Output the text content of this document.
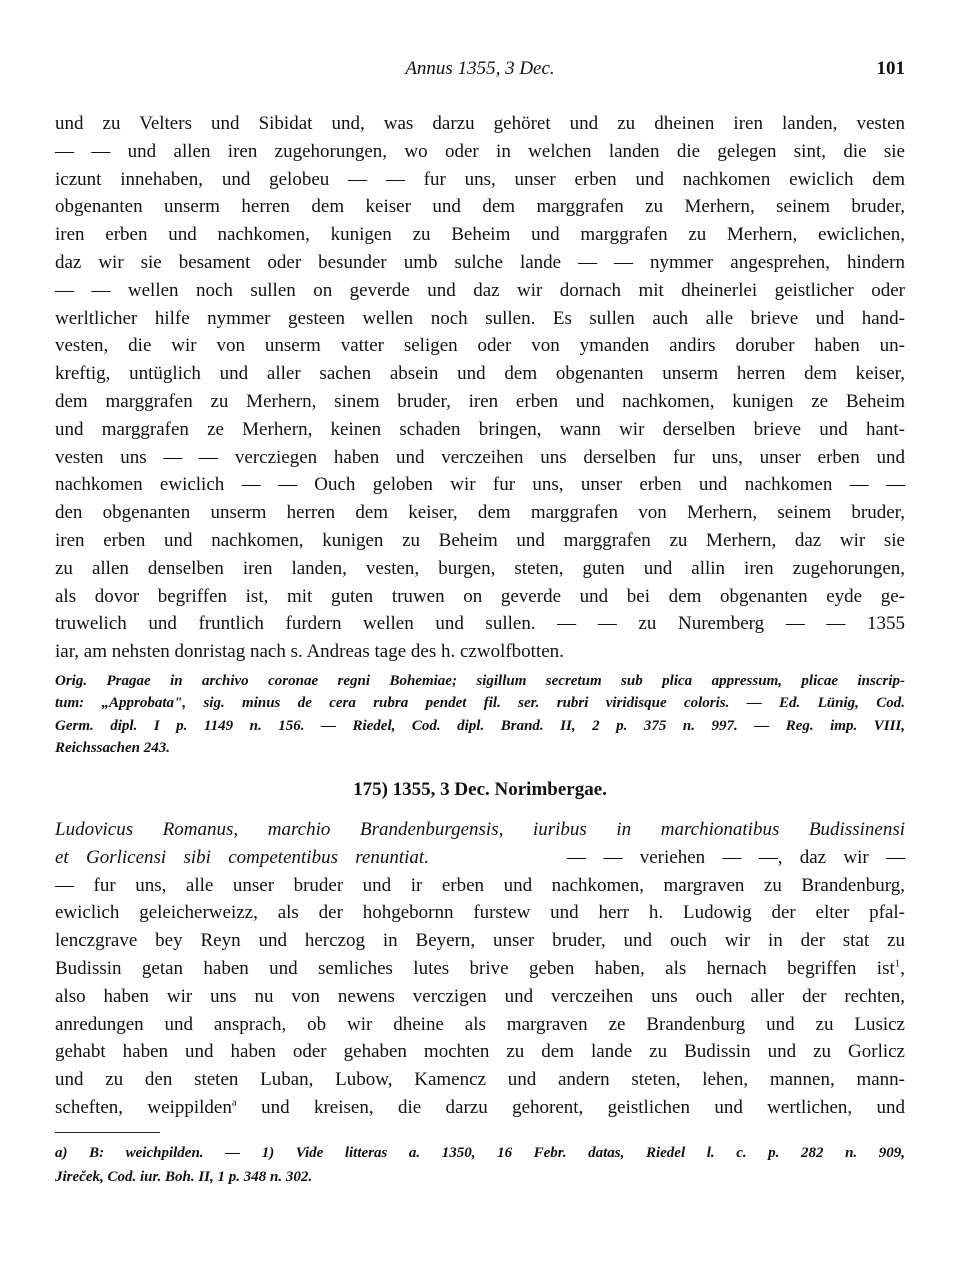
Annus 1355, 3 Dec.	101
und zu Velters und Sibidat und, was darzu gehöret und zu dheinen iren landen, vesten
— — und allen iren zugehorungen, wo oder in welchen landen die gelegen sint, die sie
iczunt innehaben, und gelobeu — — fur uns, unser erben und nachkomen ewiclich dem
obgenanten unserm herren dem keiser und dem marggrafen zu Merhern, seinem bruder,
iren erben und nachkomen, kunigen zu Beheim und marggrafen zu Merhern, ewiclichen,
daz wir sie besament oder besunder umb sulche lande — — nymmer angesprehen, hindern
— — wellen noch sullen on geverde und daz wir dornach mit dheinerlei geistlicher oder
werltlicher hilfe nymmer gesteen wellen noch sullen. Es sullen auch alle brieve und hand-
vesten, die wir von unserm vatter seligen oder von ymanden andirs doruber haben un-
kreftig, untüglich und aller sachen absein und dem obgenanten unserm herren dem keiser,
dem marggrafen zu Merhern, sinem bruder, iren erben und nachkomen, kunigen ze Beheim
und marggrafen ze Merhern, keinen schaden bringen, wann wir derselben brieve und hant-
vesten uns — — vercziegen haben und verczeihen uns derselben fur uns, unser erben und
nachkomen ewiclich — — Ouch geloben wir fur uns, unser erben und nachkomen — —
den obgenanten unserm herren dem keiser, dem marggrafen von Merhern, seinem bruder,
iren erben und nachkomen, kunigen zu Beheim und marggrafen zu Merhern, daz wir sie
zu allen denselben iren landen, vesten, burgen, steten, guten und allin iren zugehorungen,
als dovor begriffen ist, mit guten truwen on geverde und bei dem obgenanten eyde ge-
truwelich und fruntlich furdern wellen und sullen. — — zu Nuremberg — — 1355
iar, am nehsten donristag nach s. Andreas tage des h. czwolfbotten.
Orig. Pragae in archivo coronae regni Bohemiae; sigillum secretum sub plica appressum, plicae inscrip-
tum: „Approbata", sig. minus de cera rubra pendet fil. ser. rubri viridisque coloris. — Ed. Lünig, Cod.
Germ. dipl. I p. 1149 n. 156. — Riedel, Cod. dipl. Brand. II, 2 p. 375 n. 997. — Reg. imp. VIII,
Reichssachen 243.
175) 1355, 3 Dec. Norimbergae.
Ludovicus Romanus, marchio Brandenburgensis, iuribus in marchionatibus Budissinensi
et Gorlicensi sibi competentibus renuntiat.	— — veriehen — —, daz wir —
— fur uns, alle unser bruder und ir erben und nachkomen, margraven zu Brandenburg,
ewiclich geleicherweizz, als der hohgebornn furstew und herr h. Ludowig der elter pfal-
lenczgrave bey Reyn und herczog in Beyern, unser bruder, und ouch wir in der stat zu
Budissin getan haben und semliches lutes brive geben haben, als hernach begriffen ist$^1$,
also haben wir uns nu von newens verczigen und verczeihen uns ouch aller der rechten,
anredungen und ansprach, ob wir dheine als margraven ze Brandenburg und zu Lusicz
gehabt haben und haben oder gehaben mochten zu dem lande zu Budissin und zu Gorlicz
und zu den steten Luban, Lubow, Kamencz und andern steten, lehen, mannen, mann-
scheften, weippilden$^a$ und kreisen, die darzu gehorent, geistlichen und wertlichen, und
a) B: weichpilden. — 1) Vide litteras a. 1350, 16 Febr. datas, Riedel l. c. p. 282 n. 909,
Jireček, Cod. iur. Boh. II, 1 p. 348 n. 302.
